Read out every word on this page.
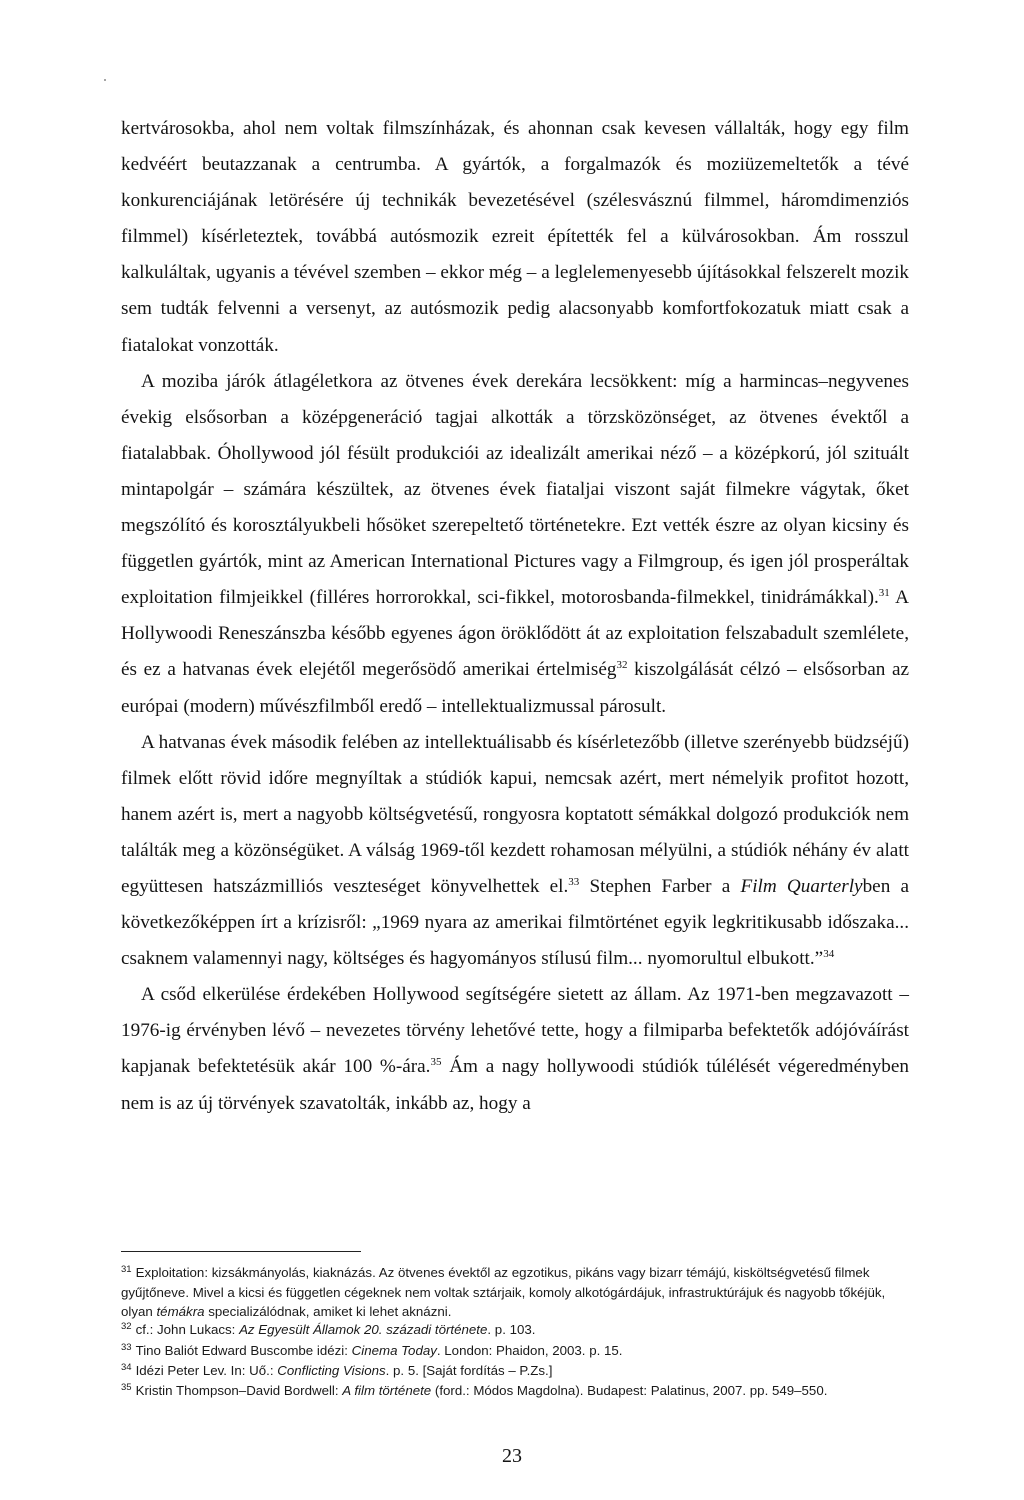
kertvárosokba, ahol nem voltak filmszínházak, és ahonnan csak kevesen vállalták, hogy egy film kedvéért beutazzanak a centrumba. A gyártók, a forgalmazók és moziüzemeltetők a tévé konkurenciájának letörésére új technikák bevezetésével (szélesvásznú filmmel, háromdimenziós filmmel) kísérleteztek, továbbá autósmozik ezreit építették fel a külvárosokban. Ám rosszul kalkuláltak, ugyanis a tévével szemben – ekkor még – a leglelemenyesebb újításokkal felszerelt mozik sem tudták felvenni a versenyt, az autósmozik pedig alacsonyabb komfortfokozatuk miatt csak a fiatalokat vonzották.

A moziba járók átlagéletkora az ötvenes évek derekára lecsökkent: míg a harmincas–negyvenes évekig elsősorban a középgeneráció tagjai alkották a törzsközönséget, az ötvenes évektől a fiatalabbak. Óhollywood jól fésült produkciói az idealizált amerikai néző – a középkorú, jól szituált mintapolgár – számára készültek, az ötvenes évek fiataljai viszont saját filmekre vágytak, őket megszólító és korosztályukbeli hősöket szerepeltető történetekre. Ezt vették észre az olyan kicsiny és független gyártók, mint az American International Pictures vagy a Filmgroup, és igen jól prosperáltak exploitation filmjeikkel (filléres horrorokkal, sci-fikkel, motorosbanda-filmekkel, tinidrámákkal).$^{31}$ A Hollywoodi Reneszánszba később egyenes ágon öröklődött át az exploitation felszabadult szemlélete, és ez a hatvanas évek elejétől megerősödő amerikai értelmiség$^{32}$ kiszolgálását célzó – elsősorban az európai (modern) művészfilmből eredő – intellektualizmussal párosult.

A hatvanas évek második felében az intellektuálisabb és kísérletezőbb (illetve szerényebb büdzséjű) filmek előtt rövid időre megnyíltak a stúdiók kapui, nemcsak azért, mert némelyik profitot hozott, hanem azért is, mert a nagyobb költségvetésű, rongyosra koptatott sémákkal dolgozó produkciók nem találták meg a közönségüket. A válság 1969-től kezdett rohamosan mélyülni, a stúdiók néhány év alatt együttesen hatszázmilliós veszteséget könyvelhettek el.$^{33}$ Stephen Farber a Film Quarterlyben a következőképpen írt a krízisről: „1969 nyara az amerikai filmtörténet egyik legkritikusabb időszaka... csaknem valamennyi nagy, költséges és hagyományos stílusú film... nyomorultul elbukott.”$^{34}$

A csőd elkerülése érdekében Hollywood segítségére sietett az állam. Az 1971-ben megzavazott – 1976-ig érvényben lévő – nevezetes törvény lehetővé tette, hogy a filmiparba befektetők adójóváírást kapjanak befektetésük akár 100 %-ára.$^{35}$ Ám a nagy hollywoodi stúdiók túlélését végeredményben nem is az új törvények szavatolták, inkább az, hogy a

$^{31}$ Exploitation: kizsákmányolás, kiaknázás. Az ötvenes évektől az egzotikus, pikáns vagy bizarr témájú, kisköltségvetésű filmek gyűjtőneve. Mivel a kicsi és független cégeknek nem voltak sztárjaik, komoly alkotógárdájuk, infrastruktúrájuk és nagyobb tőkéjük, olyan témákra specializálódnak, amiket ki lehet aknázni.

$^{32}$ cf.: John Lukacs: Az Egyesült Államok 20. századi története. p. 103.

$^{33}$ Tino Baliót Edward Buscombe idézi: Cinema Today. London: Phaidon, 2003. p. 15.

$^{34}$ Idézi Peter Lev. In: Uő.: Conflicting Visions. p. 5. [Saját fordítás – P.Zs.]

$^{35}$ Kristin Thompson–David Bordwell: A film története (ford.: Módos Magdolna). Budapest: Palatinus, 2007. pp. 549–550.

23
